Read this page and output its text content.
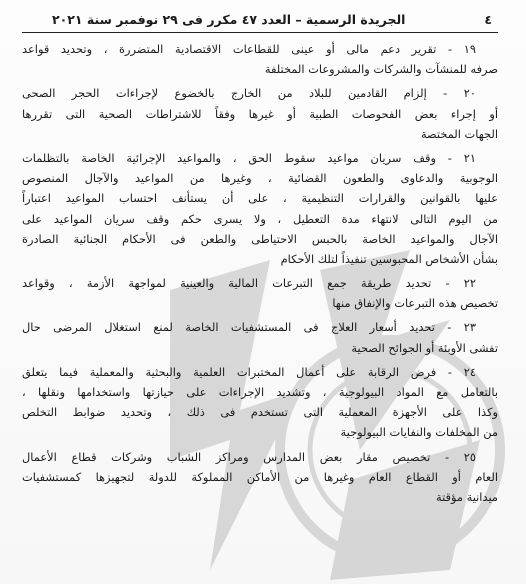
٤
الجريدة الرسمية – العدد ٤٧ مكرر فى ٢٩ نوفمبر سنة ٢٠٢١
١٩ - تقرير دعم مالى أو عينى للقطاعات الاقتصادية المتضررة ، وتحديد قواعد
صرفه للمنشآت والشركات والمشروعات المختلفة
٢٠ - إلزام القادمين للبلاد من الخارج بالخضوع لإجراءات الحجر الصحى
أو إجراء بعض الفحوصات الطبية أو غيرها وفقاً للاشتراطات الصحية التى تقررها
الجهات المختصة
٢١ - وقف سريان مواعيد سقوط الحق ، والمواعيد الإجرائية الخاصة بالتظلمات
الوجوبية والدعاوى والطعون القضائية ، وغيرها من المواعيد والآجال المنصوص
عليها بالقوانين والقرارات التنظيمية ، على أن يستأنف احتساب المواعيد اعتباراً
من اليوم التالى لانتهاء مدة التعطيل ، ولا يسرى حكم وقف سريان المواعيد على
الآجال والمواعيد الخاصة بالحبس الاحتياطى والطعن فى الأحكام الجنائية الصادرة
بشأن الأشخاص المحبوسين تنفيذاً لتلك الأحكام
٢٢ - تحديد طريقة جمع التبرعات المالية والعينية لمواجهة الأزمة ، وقواعد
تخصيص هذه التبرعات والإنفاق منها
٢٣ - تحديد أسعار العلاج فى المستشفيات الخاصة لمنع استغلال المرضى حال
تفشى الأوبئة أو الجوائح الصحية
٢٤ - فرض الرقابة على أعمال المختبرات العلمية والبحثية والمعملية فيما يتعلق
بالتعامل مع المواد البيولوجية ، وتشديد الإجراءات على حيازتها واستخدامها ونقلها ،
وكذا على الأجهزة المعملية التى تستخدم فى ذلك ، وتحديد ضوابط التخلص
من المخلفات والنفايات البيولوجية
٢٥ - تخصيص مقار بعض المدارس ومراكز الشباب وشركات قطاع الأعمال
العام أو القطاع العام وغيرها من الأماكن المملوكة للدولة لتجهيزها كمستشفيات
ميدانية مؤقتة
